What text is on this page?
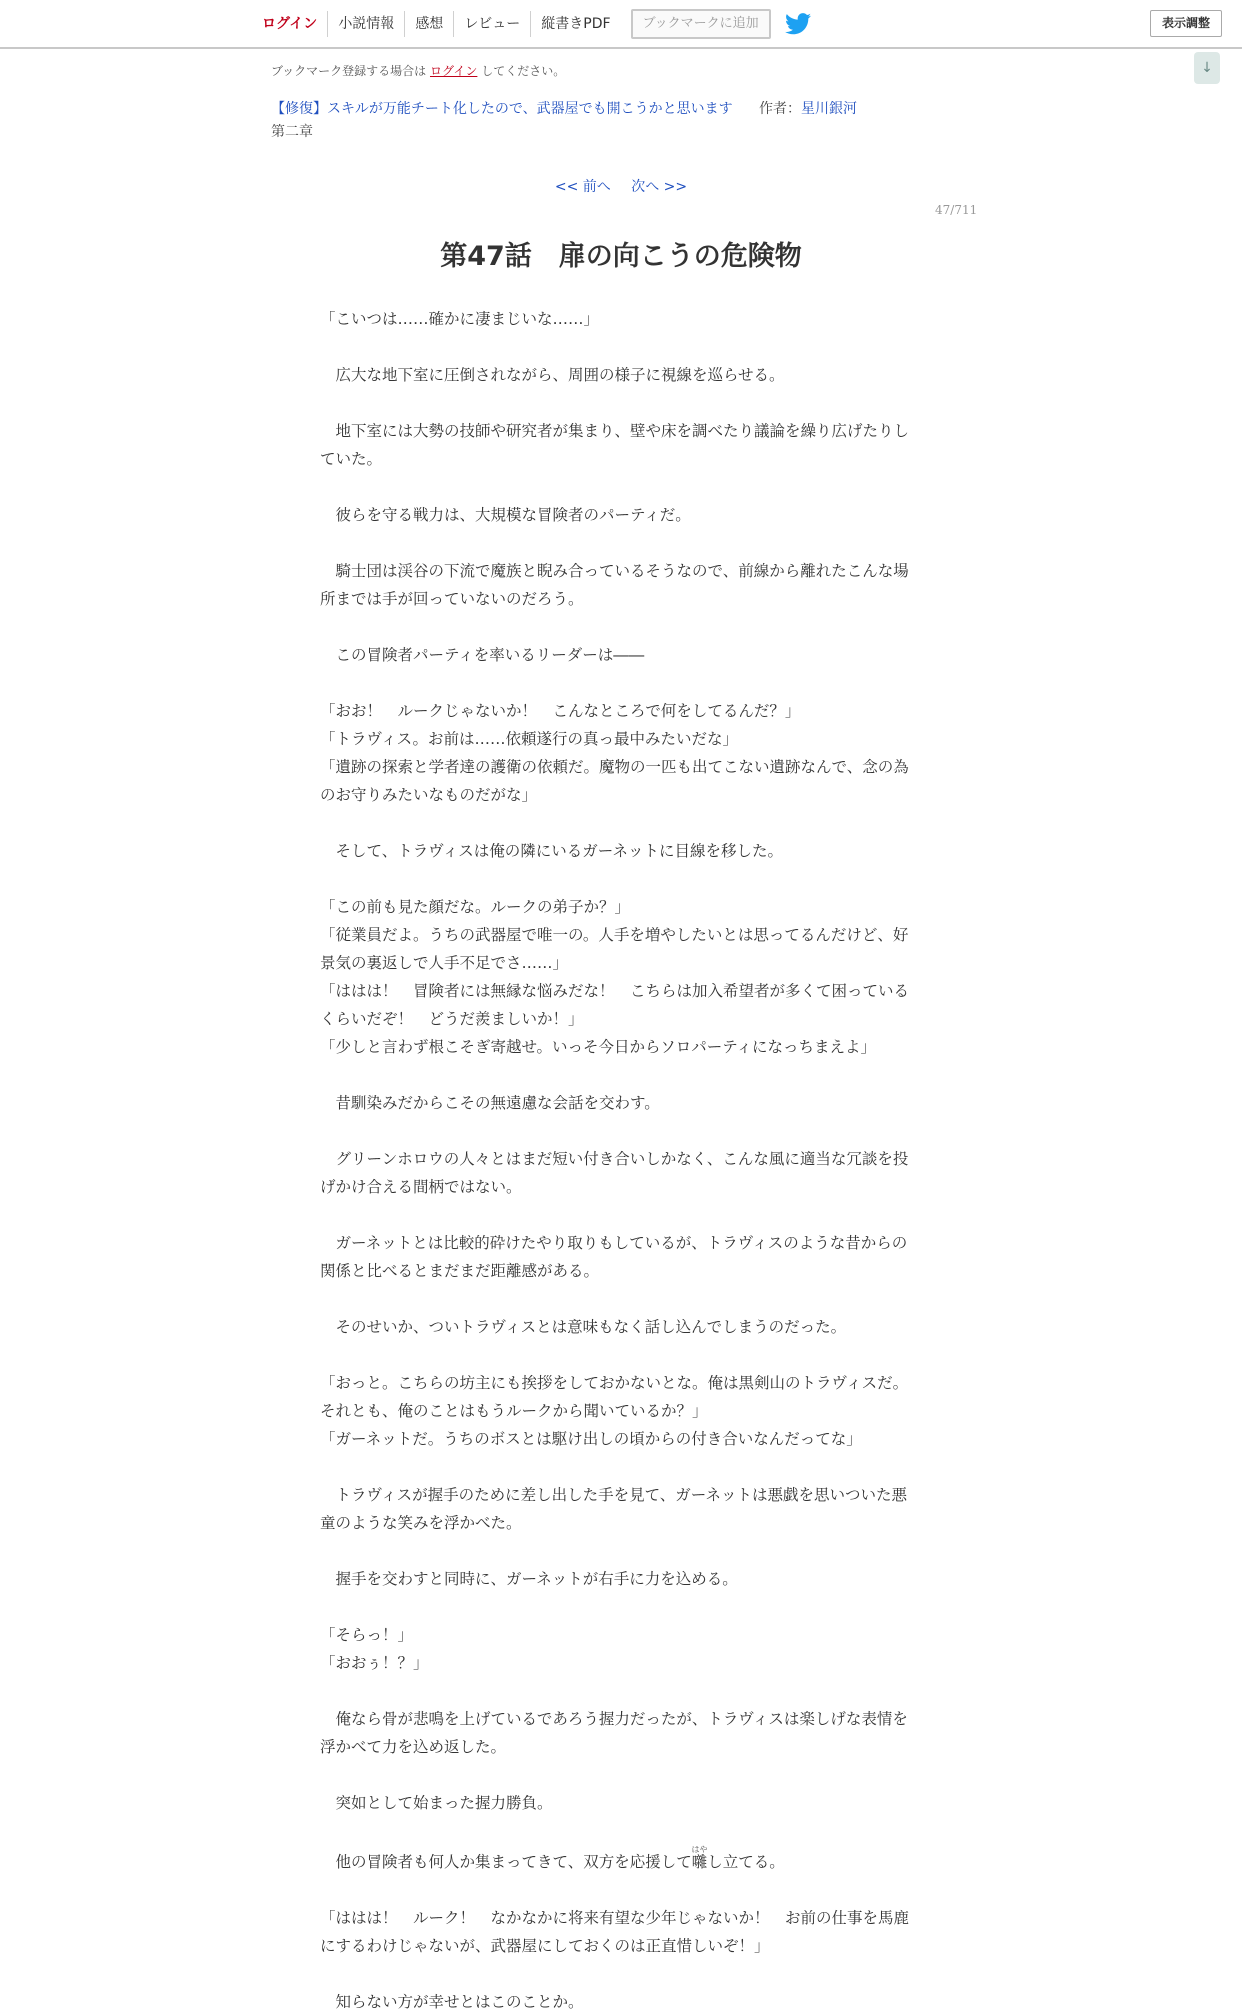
ログイン	小説情報	感想	レビュー	縦書きPDF	ブックマークに追加	表示調整
↓
ブックマーク登録する場合は ログイン してください。
【修復】スキルが万能チート化したので、武器屋でも開こうかと思います 作者：星川銀河
第二章
<< 前へ 次へ >>
47/711
第47話　扉の向こうの危険物

「こいつは……確かに凄まじいな……」

　広大な地下室に圧倒されながら、周囲の様子に視線を巡らせる。

　地下室には大勢の技師や研究者が集まり、壁や床を調べたり議論を繰り広げたりしていた。

　彼らを守る戦力は、大規模な冒険者のパーティだ。

　騎士団は渓谷の下流で魔族と睨み合っているそうなので、前線から離れたこんな場所までは手が回っていないのだろう。

　この冒険者パーティを率いるリーダーは――

「おお！　ルークじゃないか！　こんなところで何をしてるんだ？」

「トラヴィス。お前は……依頼遂行の真っ最中みたいだな」

「遺跡の探索と学者達の護衛の依頼だ。魔物の一匹も出てこない遺跡なんで、念の為のお守りみたいなものだがな」

　そして、トラヴィスは俺の隣にいるガーネットに目線を移した。

「この前も見た顔だな。ルークの弟子か？」

「従業員だよ。うちの武器屋で唯一の。人手を増やしたいとは思ってるんだけど、好景気の裏返しで人手不足でさ……」

「ははは！　冒険者には無縁な悩みだな！　こちらは加入希望者が多くて困っているくらいだぞ！　どうだ羨ましいか！」

「少しと言わず根こそぎ寄越せ。いっそ今日からソロパーティになっちまえよ」

　昔馴染みだからこその無遠慮な会話を交わす。

　グリーンホロウの人々とはまだ短い付き合いしかなく、こんな風に適当な冗談を投げかけ合える間柄ではない。

　ガーネットとは比較的砕けたやり取りもしているが、トラヴィスのような昔からの関係と比べるとまだまだ距離感がある。

　そのせいか、ついトラヴィスとは意味もなく話し込んでしまうのだった。

「おっと。こちらの坊主にも挨拶をしておかないとな。俺は黒剣山のトラヴィスだ。それとも、俺のことはもうルークから聞いているか？」

「ガーネットだ。うちのボスとは駆け出しの頃からの付き合いなんだってな」

　トラヴィスが握手のために差し出した手を見て、ガーネットは悪戯を思いついた悪童のような笑みを浮かべた。

　握手を交わすと同時に、ガーネットが右手に力を込める。

「そらっ！」

「おおぅ！？」

　俺なら骨が悲鳴を上げているであろう握力だったが、トラヴィスは楽しげな表情を浮かべて力を込め返した。

　突如として始まった握力勝負。

　他の冒険者も何人か集まってきて、双方を応援して囃はやし立てる。

「ははは！　ルーク！　なかなかに将来有望な少年じゃないか！　お前の仕事を馬鹿にするわけじゃないが、武器屋にしておくのは正直惜しいぞ！」

　知らない方が幸せとはこのことか。
